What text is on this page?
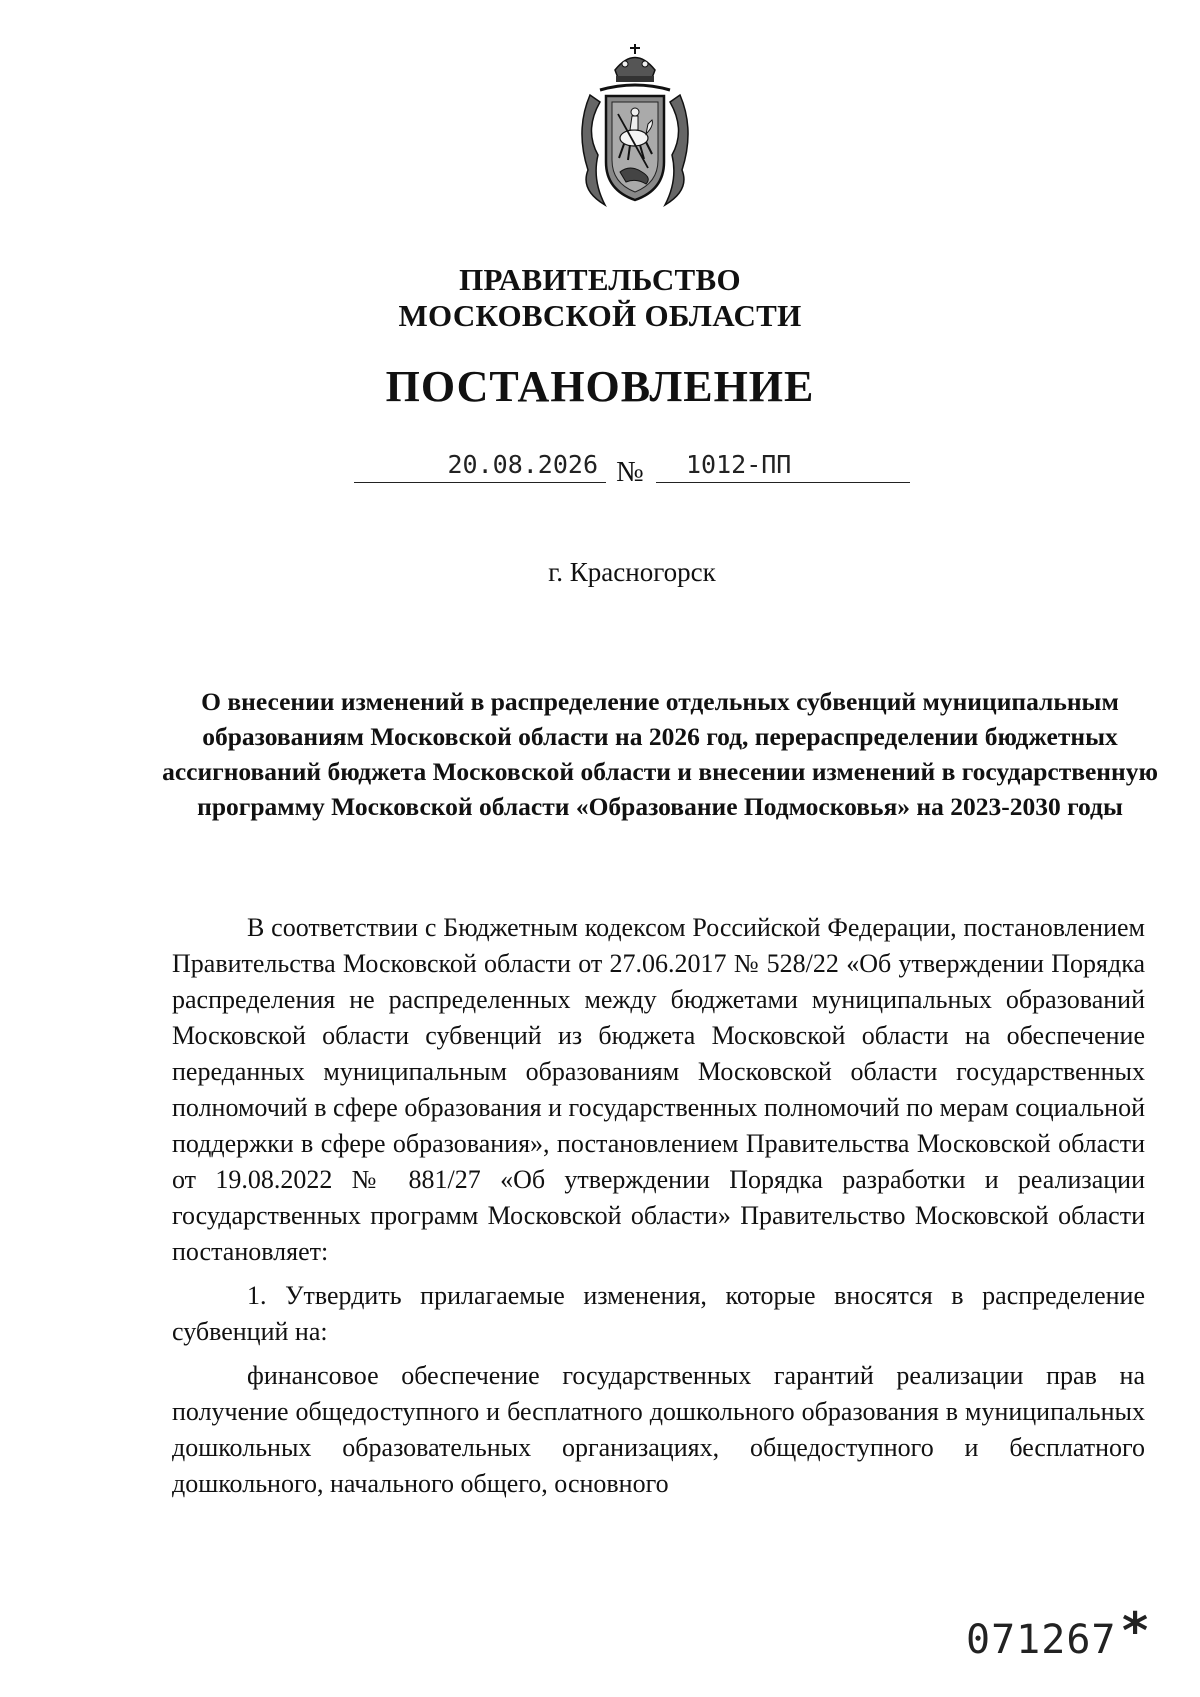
ПРАВИТЕЛЬСТВО
МОСКОВСКОЙ ОБЛАСТИ
ПОСТАНОВЛЕНИЕ
20.08.2026 №	1012-ПП
г. Красногорск

О внесении изменений в распределение отдельных субвенций муниципальным образованиям Московской области на 2026 год, перераспределении бюджетных ассигнований бюджета Московской области и внесении изменений в государственную программу Московской области «Образование Подмосковья» на 2023-2030 годы

В соответствии с Бюджетным кодексом Российской Федерации, постановлением Правительства Московской области от 27.06.2017 № 528/22 «Об утверждении Порядка распределения не распределенных между бюджетами муниципальных образований Московской области субвенций из бюджета Московской области на обеспечение переданных муниципальным образованиям Московской области государственных полномочий в сфере образования и государственных полномочий по мерам социальной поддержки в сфере образования», постановлением Правительства Московской области от 19.08.2022 № 881/27 «Об утверждении Порядка разработки и реализации государственных программ Московской области» Правительство Московской области постановляет:

1. Утвердить прилагаемые изменения, которые вносятся в распределение субвенций на:

финансовое обеспечение государственных гарантий реализации прав на получение общедоступного и бесплатного дошкольного образования в муниципальных дошкольных образовательных организациях, общедоступного и бесплатного дошкольного, начального общего, основного

071267 *
